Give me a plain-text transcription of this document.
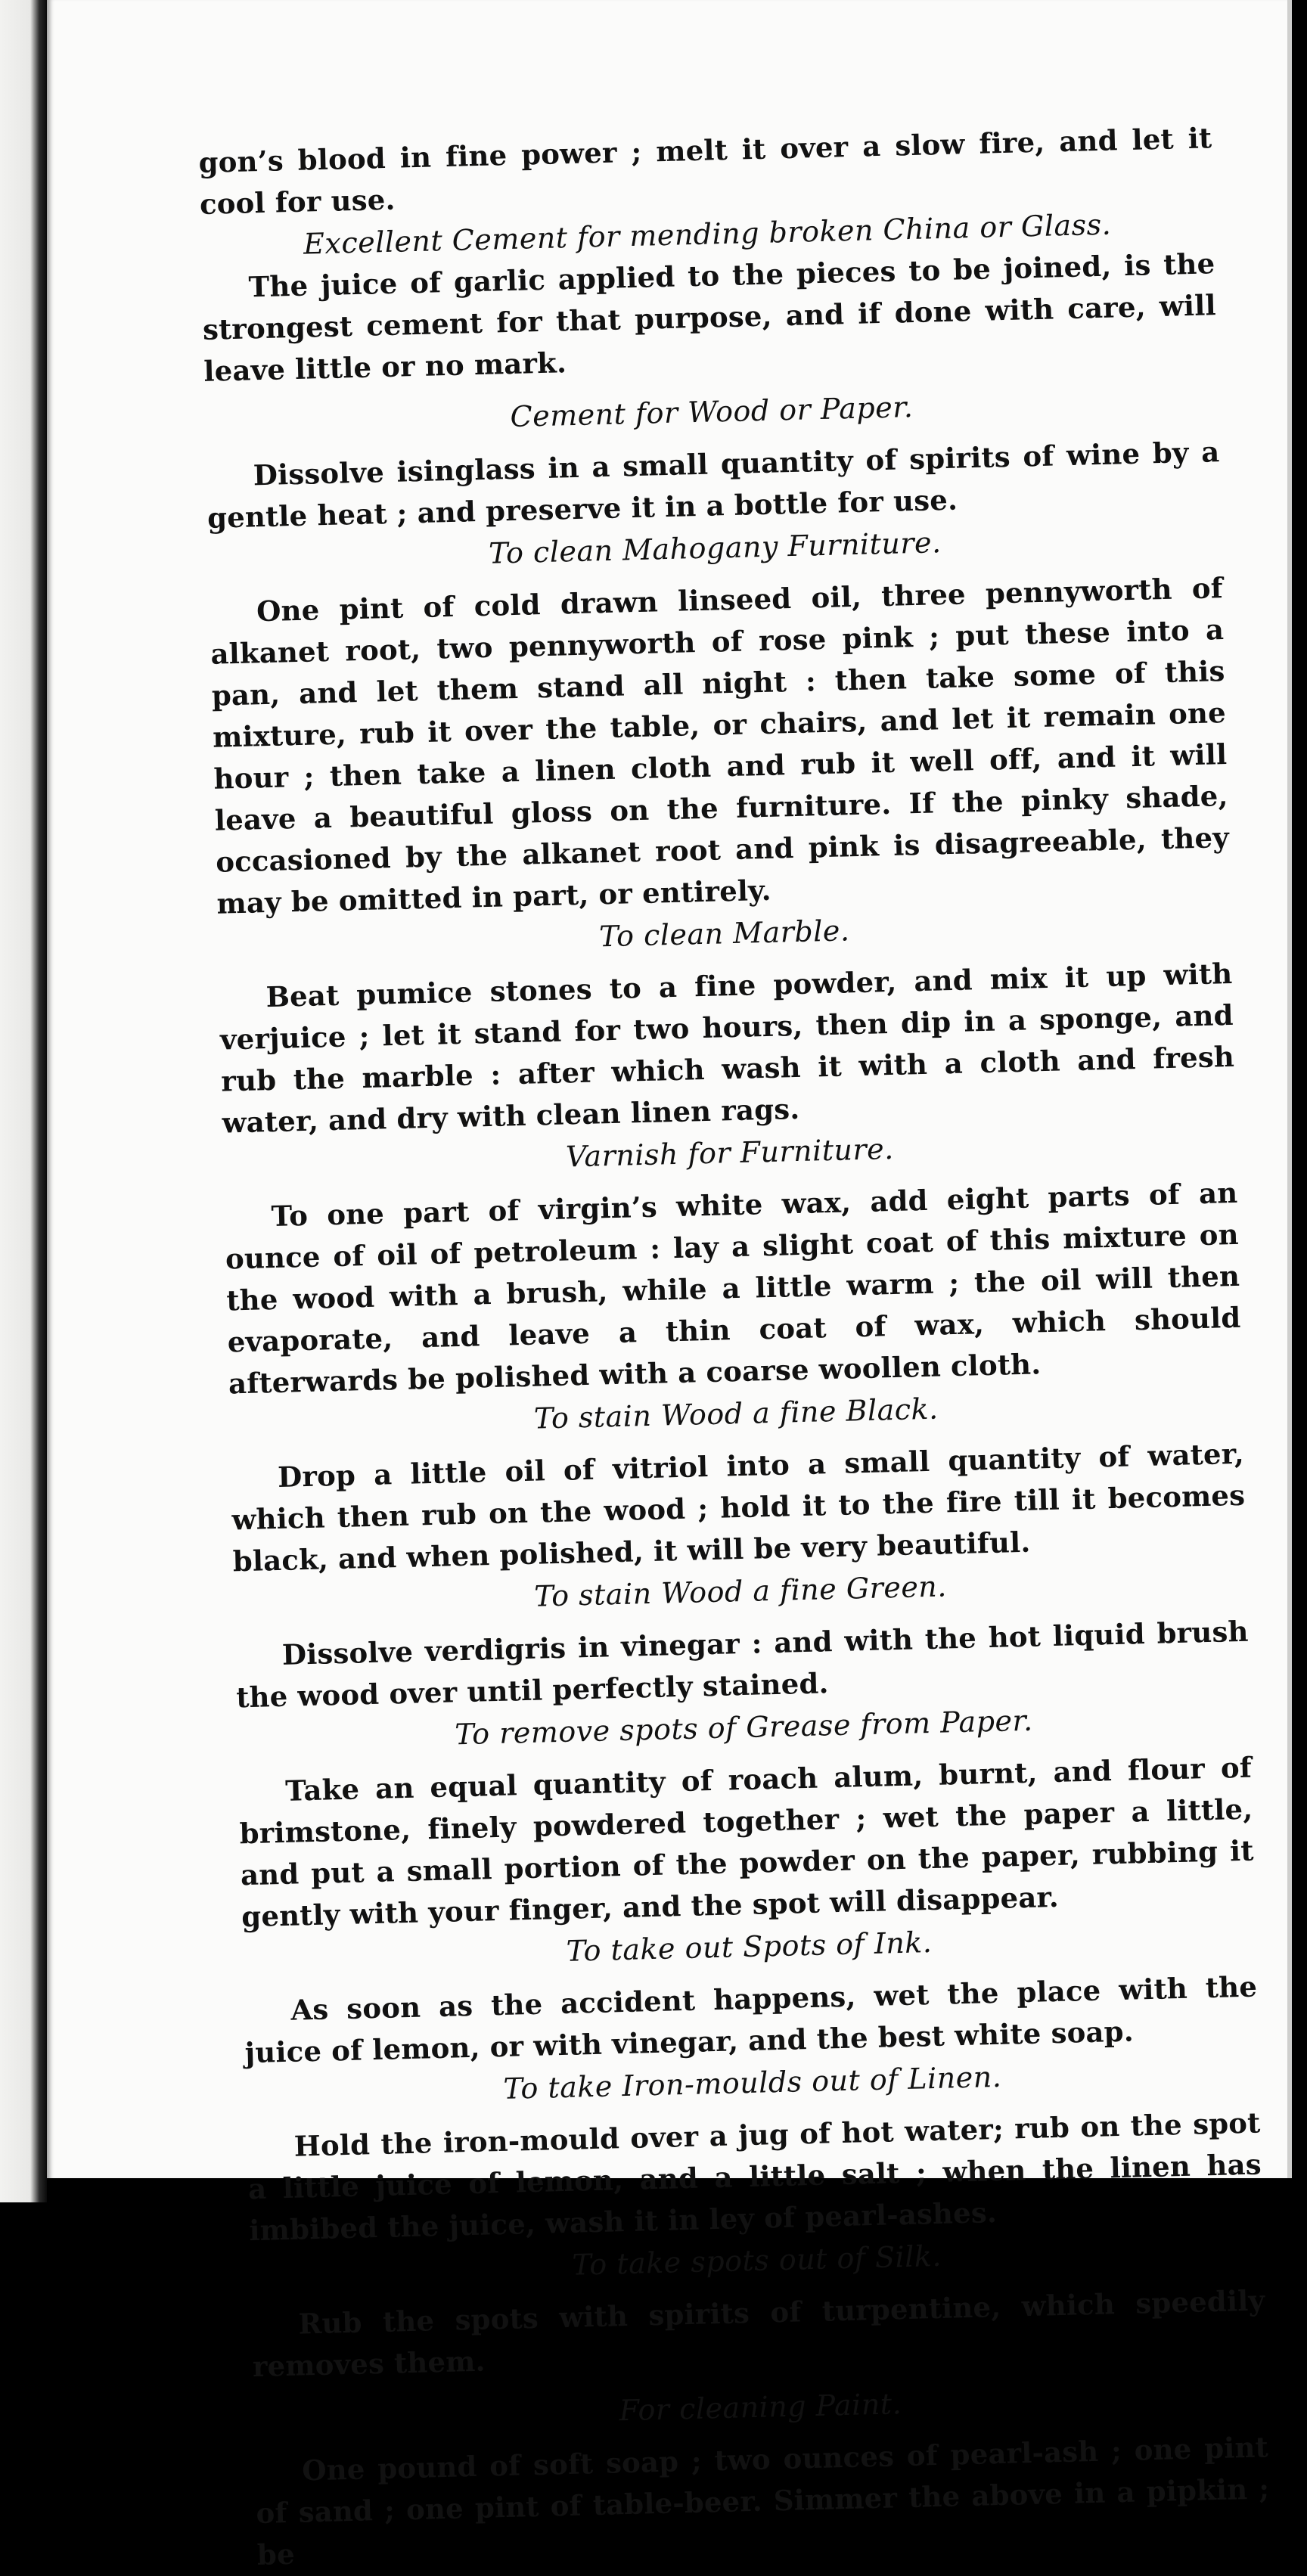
gon’s blood in fine power ; melt it over a slow fire, and let it cool for use.

Excellent Cement for mending broken China or Glass.

The juice of garlic applied to the pieces to be joined, is the strongest cement for that purpose, and if done with care, will leave little or no mark.

Cement for Wood or Paper.

Dissolve isinglass in a small quantity of spirits of wine by a gentle heat ; and preserve it in a bottle for use.

To clean Mahogany Furniture.

One pint of cold drawn linseed oil, three pennyworth of alkanet root, two pennyworth of rose pink ; put these into a pan, and let them stand all night : then take some of this mixture, rub it over the table, or chairs, and let it remain one hour ; then take a linen cloth and rub it well off, and it will leave a beautiful gloss on the furniture. If the pinky shade, occasioned by the alkanet root and pink is disagreeable, they may be omitted in part, or entirely.

To clean Marble.

Beat pumice stones to a fine powder, and mix it up with verjuice ; let it stand for two hours, then dip in a sponge, and rub the marble : after which wash it with a cloth and fresh water, and dry with clean linen rags.

Varnish for Furniture.

To one part of virgin’s white wax, add eight parts of an ounce of oil of petroleum : lay a slight coat of this mixture on the wood with a brush, while a little warm ; the oil will then evaporate, and leave a thin coat of wax, which should afterwards be polished with a coarse woollen cloth.

To stain Wood a fine Black.

Drop a little oil of vitriol into a small quantity of water, which then rub on the wood ; hold it to the fire till it becomes black, and when polished, it will be very beautiful.

To stain Wood a fine Green.

Dissolve verdigris in vinegar : and with the hot liquid brush the wood over until perfectly stained.

To remove spots of Grease from Paper.

Take an equal quantity of roach alum, burnt, and flour of brimstone, finely powdered together ; wet the paper a little, and put a small portion of the powder on the paper, rubbing it gently with your finger, and the spot will disappear.

To take out Spots of Ink.

As soon as the accident happens, wet the place with the juice of lemon, or with vinegar, and the best white soap.

To take Iron-moulds out of Linen.

Hold the iron-mould over a jug of hot water; rub on the spot a little juice of lemon, and a little salt ; when the linen has imbibed the juice, wash it in ley of pearl-ashes.

To take spots out of Silk.

Rub the spots with spirits of turpentine, which speedily removes them.

For cleaning Paint.

One pound of soft soap ; two ounces of pearl-ash ; one pint of sand ; one pint of table-beer. Simmer the above in a pipkin ; be
